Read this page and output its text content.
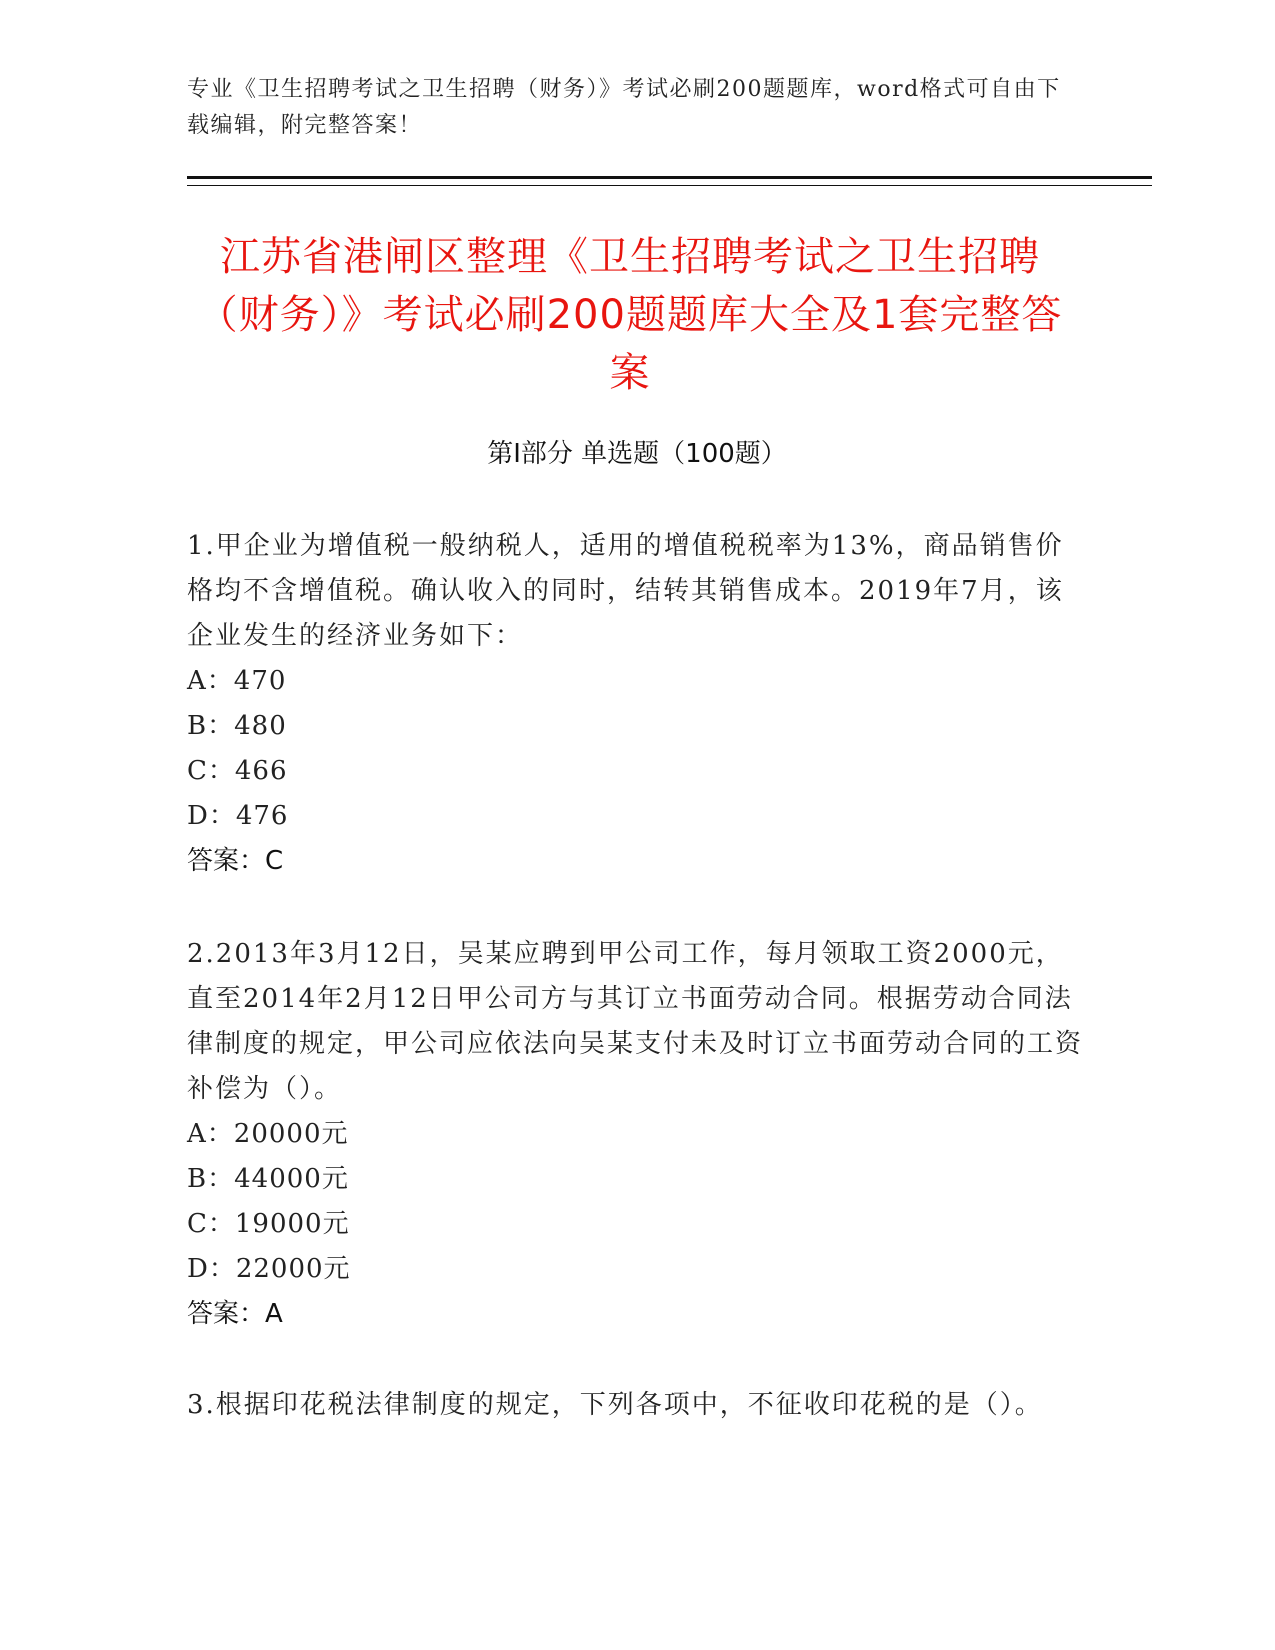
专业《卫生招聘考试之卫生招聘（财务）》考试必刷200题题库，word格式可自由下载编辑，附完整答案！
江苏省港闸区整理《卫生招聘考试之卫生招聘（财务）》考试必刷200题题库大全及1套完整答案
第Ⅰ部分 单选题（100题）

1.甲企业为增值税一般纳税人，适用的增值税税率为13%，商品销售价格均不含增值税。确认收入的同时，结转其销售成本。2019年7月，该企业发生的经济业务如下：

A：470

B：480

C：466

D：476

答案：C

2.2013年3月12日，吴某应聘到甲公司工作，每月领取工资2000元，直至2014年2月12日甲公司方与其订立书面劳动合同。根据劳动合同法律制度的规定，甲公司应依法向吴某支付未及时订立书面劳动合同的工资补偿为（）。

A：20000元

B：44000元

C：19000元

D：22000元

答案：A

3.根据印花税法律制度的规定，下列各项中，不征收印花税的是（）。
